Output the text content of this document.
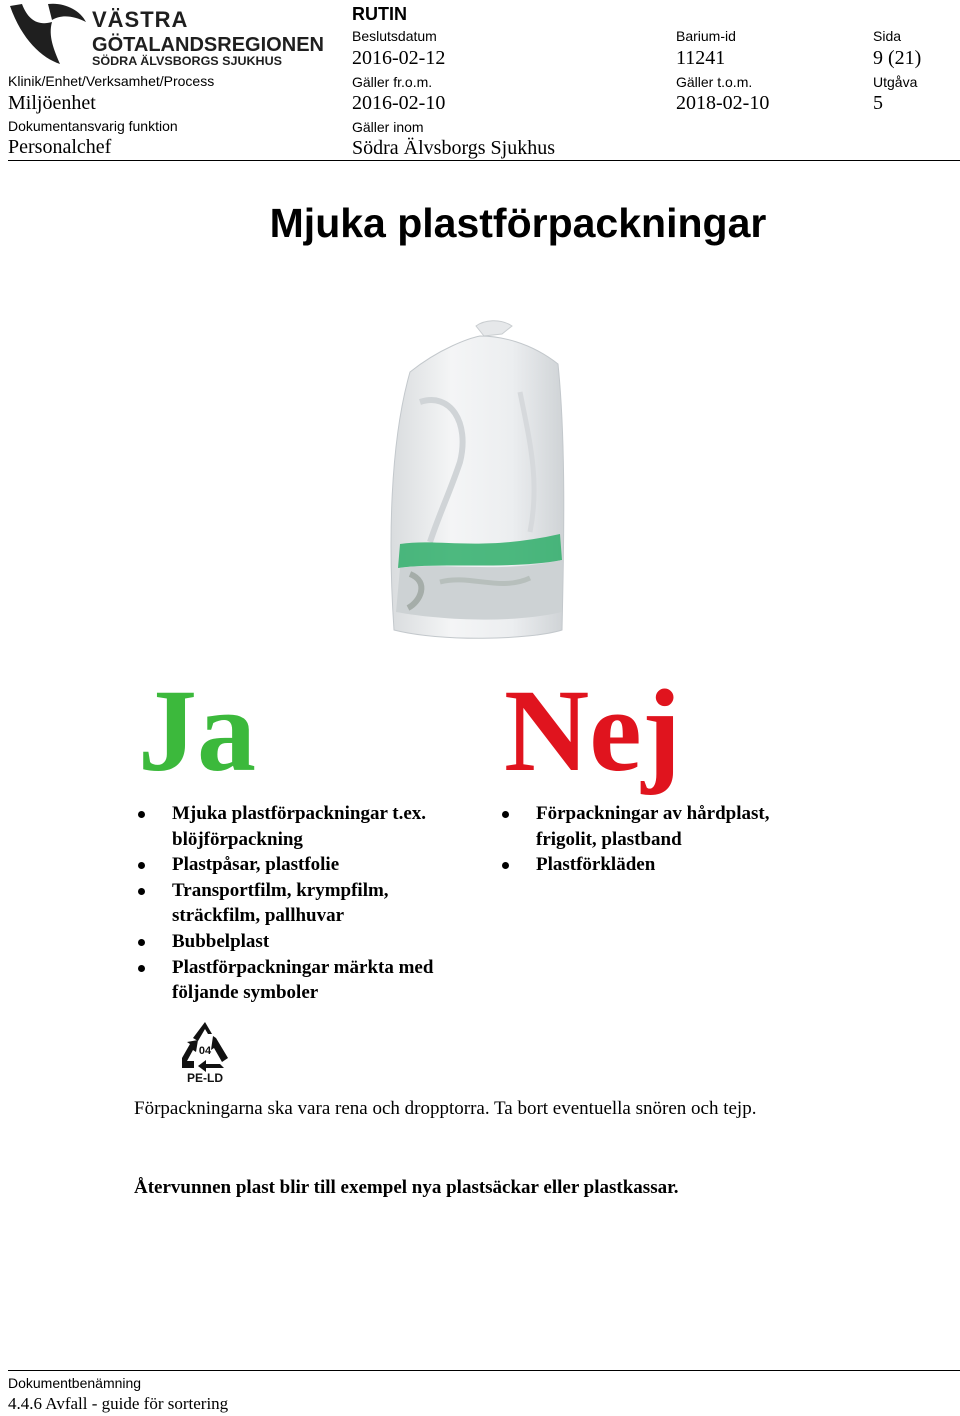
VÄSTRA
GÖTALANDSREGIONEN
SÖDRA ÄLVSBORGS SJUKHUS
RUTIN
Beslutsdatum
2016-02-12
Barium-id
11241
Sida
9 (21)
Klinik/Enhet/Verksamhet/Process
Miljöenhet
Gäller fr.o.m.
2016-02-10
Gäller t.o.m.
2018-02-10
Utgåva
5
Dokumentansvarig funktion
Personalchef
Gäller inom
Södra Älvsborgs Sjukhus
Mjuka plastförpackningar
Ja Nej
Mjuka plastförpackningar t.ex. blöjförpackning
Plastpåsar, plastfolie
Transportfilm, krympfilm, sträckfilm, pallhuvar
Bubbelplast
Plastförpackningar märkta med följande symboler
Förpackningar av hårdplast, frigolit, plastband
Plastförkläden
04
PE-LD
Förpackningarna ska vara rena och dropptorra. Ta bort eventuella snören och tejp.
Återvunnen plast blir till exempel nya plastsäckar eller plastkassar.
Dokumentbenämning
4.4.6 Avfall - guide för sortering
